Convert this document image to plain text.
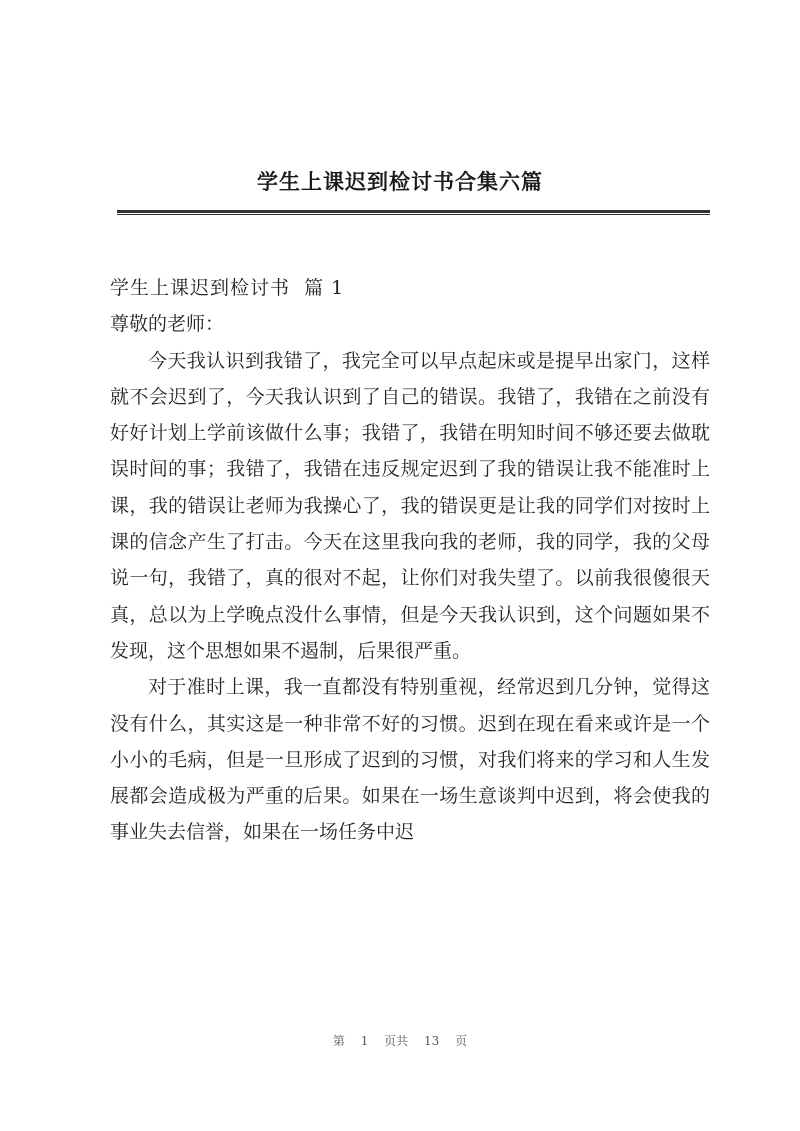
学生上课迟到检讨书合集六篇

学生上课迟到检讨书  篇 1

尊敬的老师：

今天我认识到我错了，我完全可以早点起床或是提早出家门，这样就不会迟到了，今天我认识到了自己的错误。我错了，我错在之前没有好好计划上学前该做什么事；我错了，我错在明知时间不够还要去做耽误时间的事；我错了，我错在违反规定迟到了我的错误让我不能准时上课，我的错误让老师为我操心了，我的错误更是让我的同学们对按时上课的信念产生了打击。今天在这里我向我的老师，我的同学，我的父母说一句，我错了，真的很对不起，让你们对我失望了。以前我很傻很天真，总以为上学晚点没什么事情，但是今天我认识到，这个问题如果不发现，这个思想如果不遏制，后果很严重。

对于准时上课，我一直都没有特别重视，经常迟到几分钟，觉得这没有什么，其实这是一种非常不好的习惯。迟到在现在看来或许是一个小小的毛病，但是一旦形成了迟到的习惯，对我们将来的学习和人生发展都会造成极为严重的后果。如果在一场生意谈判中迟到，将会使我的事业失去信誉，如果在一场任务中迟

第 1 页共 13 页
